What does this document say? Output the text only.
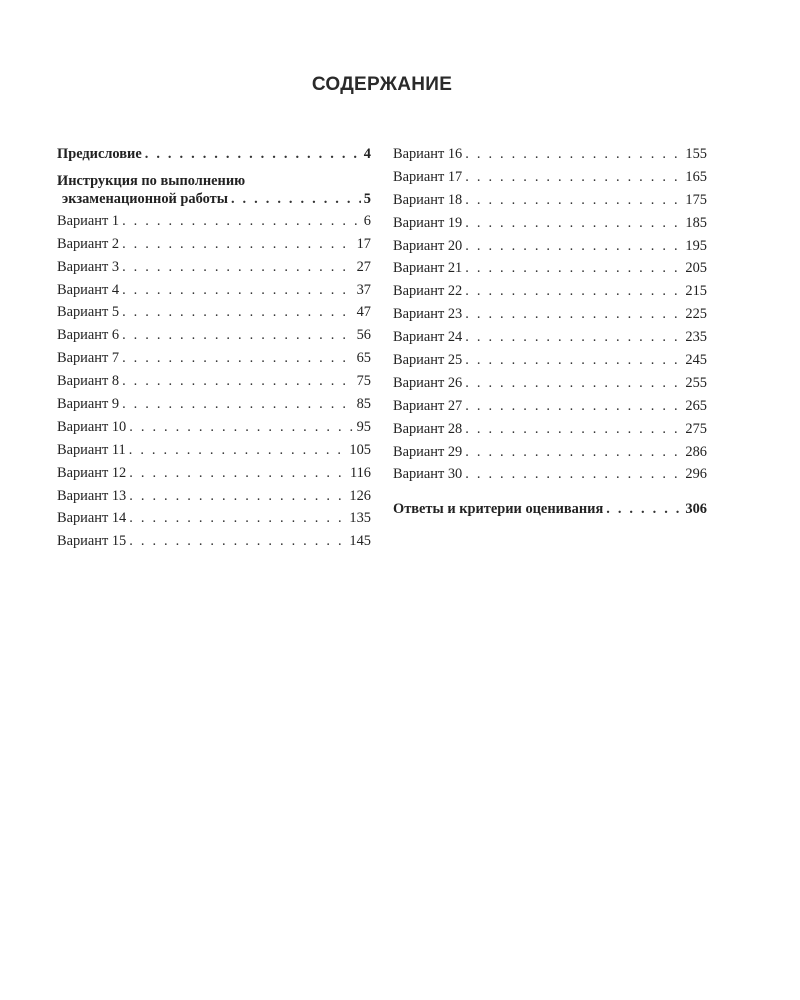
СОДЕРЖАНИЕ
Предисловие . . .	4
Инструкция по выполнению
экзаменационной работы . . .	5
Вариант 1 . . .	6
Вариант 2 . . .	17
Вариант 3 . . .	27
Вариант 4 . . .	37
Вариант 5 . . .	47
Вариант 6 . . .	56
Вариант 7 . . .	65
Вариант 8 . . .	75
Вариант 9 . . .	85
Вариант 10 . . .	95
Вариант 11 . . .	105
Вариант 12 . . .	116
Вариант 13 . . .	126
Вариант 14 . . .	135
Вариант 15 . . .	145
Вариант 16 . . .	155
Вариант 17 . . .	165
Вариант 18 . . .	175
Вариант 19 . . .	185
Вариант 20 . . .	195
Вариант 21 . . .	205
Вариант 22 . . .	215
Вариант 23 . . .	225
Вариант 24 . . .	235
Вариант 25 . . .	245
Вариант 26 . . .	255
Вариант 27 . . .	265
Вариант 28 . . .	275
Вариант 29 . . .	286
Вариант 30 . . .	296
Ответы и критерии оценивания . . .	306
